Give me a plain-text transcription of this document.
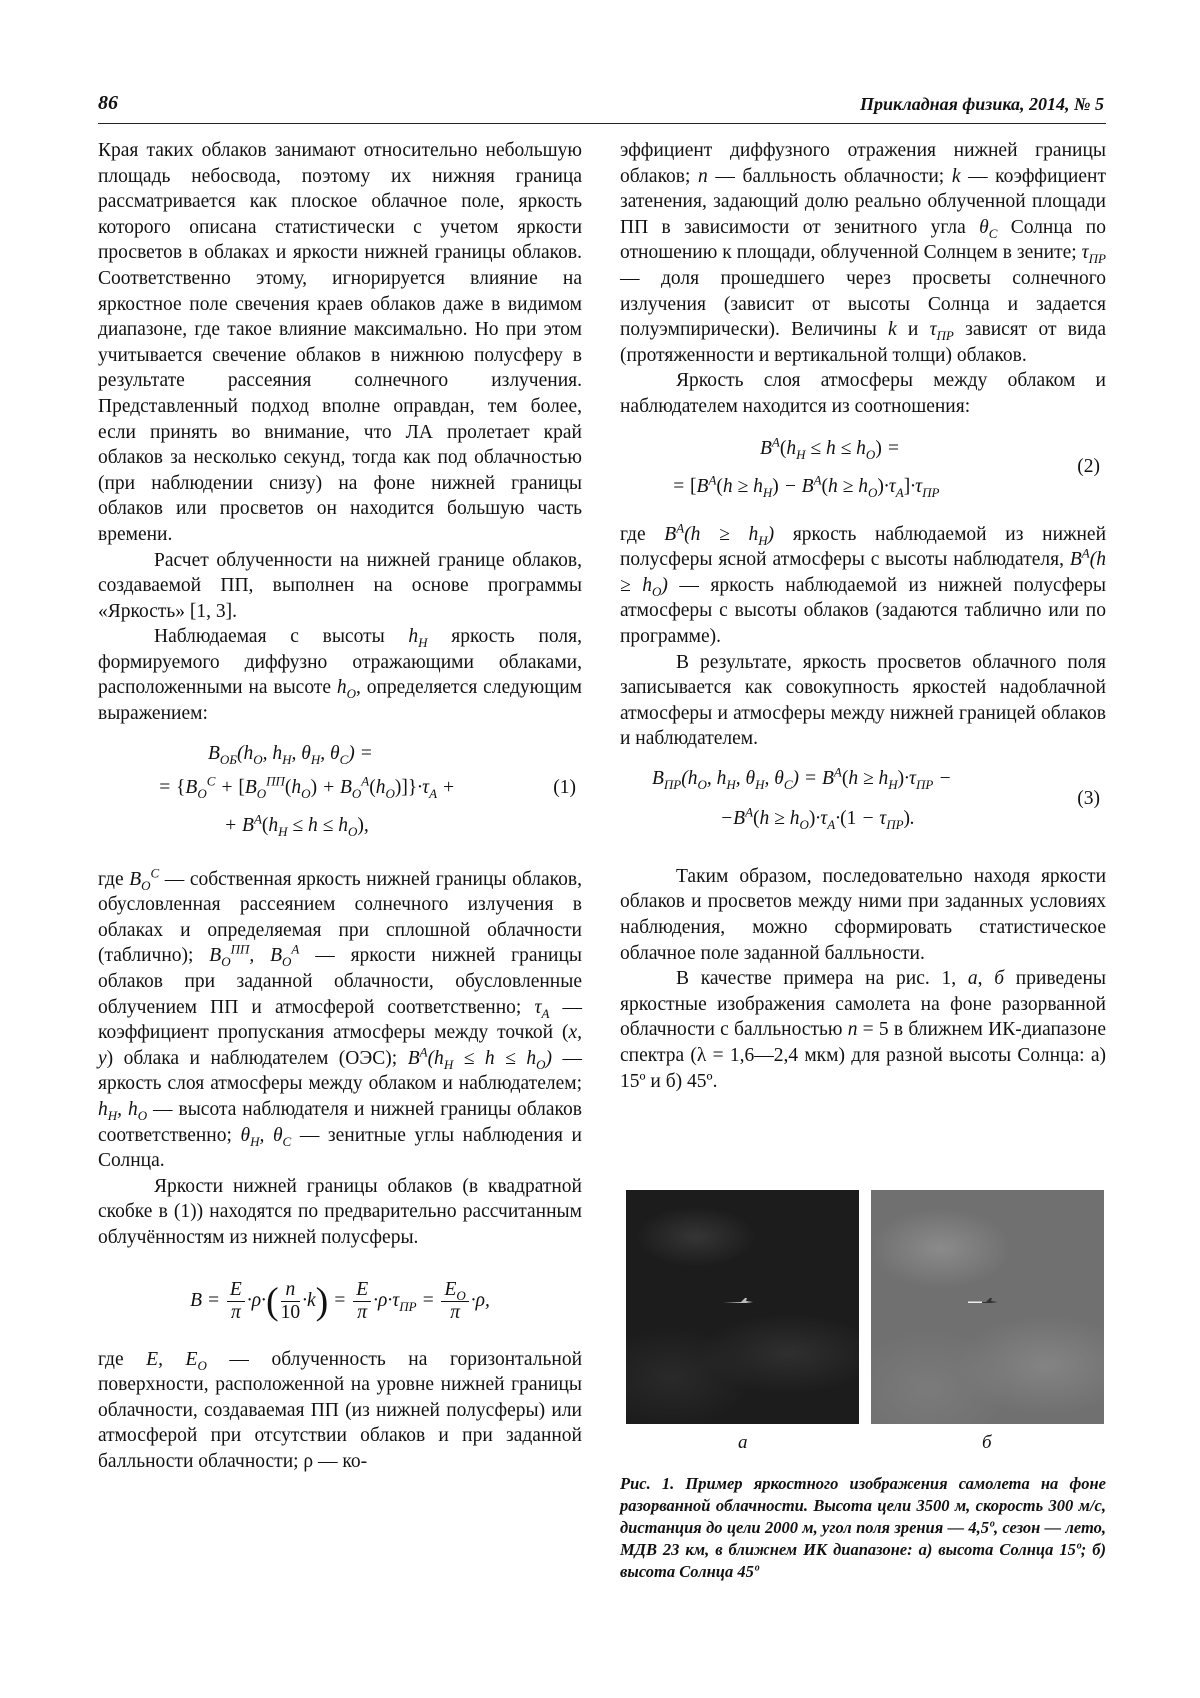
86	Прикладная физика, 2014, № 5

Края таких облаков занимают относительно небольшую площадь небосвода, поэтому их нижняя граница рассматривается как плоское облачное поле, яркость которого описана статистически с учетом яркости просветов в облаках и яркости нижней границы облаков. Соответственно этому, игнорируется влияние на яркостное поле свечения краев облаков даже в видимом диапазоне, где такое влияние максимально. Но при этом учитывается свечение облаков в нижнюю полусферу в результате рассеяния солнечного излучения. Представленный подход вполне оправдан, тем более, если принять во внимание, что ЛА пролетает край облаков за несколько секунд, тогда как под облачностью (при наблюдении снизу) на фоне нижней границы облаков или просветов он находится большую часть времени.

Расчет облученности на нижней границе облаков, создаваемой ПП, выполнен на основе программы «Яркость» [1, 3].

Наблюдаемая с высоты $h_H$ яркость поля, формируемого диффузно отражающими облаками, расположенными на высоте $h_O$, определяется следующим выражением:

$B_{ОБ}(h_O$, $h_H$, $\theta_H$, $\theta_C$) =
= $\{B_O^C + [B_O^{ПП}(h_O) + B_O^A(h_O)]\}\cdot\tau_A$ +
+ $B^A(h_H \le h \le h_O)$,
(1)

где $B_O^C$ — собственная яркость нижней границы облаков, обусловленная рассеянием солнечного излучения в облаках и определяемая при сплошной облачности (таблично); $B_O^{ПП}$, $B_O^A$ — яркости нижней границы облаков при заданной облачности, обусловленные облучением ПП и атмосферой соответственно; $\tau_A$ — коэффициент пропускания атмосферы между точкой (x, y) облака и наблюдателем (ОЭС); $B^A(h_H \le h \le h_O)$ — яркость слоя атмосферы между облаком и наблюдателем; $h_H$, $h_O$ — высота наблюдателя и нижней границы облаков соответственно; $\theta_H$, $\theta_C$ — зенитные углы наблюдения и Солнца.

Яркости нижней границы облаков (в квадратной скобке в (1)) находятся по предварительно рассчитанным облучённостям из нижней полусферы.

$B = \frac{E}{\pi} \cdot\rho\cdot( \frac{n}{10} \cdot k) = \frac{E}{\pi} \cdot\rho\cdot\tau_{ПР} = \frac{E_O}{\pi} \cdot\rho$,

где E, $E_O$ — облученность на горизонтальной поверхности, расположенной на уровне нижней границы облачности, создаваемая ПП (из нижней полусферы) или атмосферой при отсутствии облаков и при заданной балльности облачности; ρ — ко-

эффициент диффузного отражения нижней границы облаков; n — балльность облачности; k — коэффициент затенения, задающий долю реально облученной площади ПП в зависимости от зенитного угла $\theta_C$ Солнца по отношению к площади, облученной Солнцем в зените; $\tau_{ПР}$ — доля прошедшего через просветы солнечного излучения (зависит от высоты Солнца и задается полуэмпирически). Величины k и $\tau_{ПР}$ зависят от вида (протяженности и вертикальной толщи) облаков.

Яркость слоя атмосферы между облаком и наблюдателем находится из соотношения:

$B^A(h_H \le h \le h_O)$ =
= $[B^A(h \ge h_H) - B^A(h \ge h_O)\cdot\tau_A]\cdot\tau_{ПР}$
(2)

где $B^A(h \ge h_H)$ яркость наблюдаемой из нижней полусферы ясной атмосферы с высоты наблюдателя, $B^A(h \ge h_O)$ — яркость наблюдаемой из нижней полусферы атмосферы с высоты облаков (задаются таблично или по программе).

В результате, яркость просветов облачного поля записывается как совокупность яркостей надоблачной атмосферы и атмосферы между нижней границей облаков и наблюдателем.

$B_{ПР}(h_O$, $h_H$, $\theta_H$, $\theta_C) = B^A(h \ge h_H)\cdot\tau_{ПР}$ −
$-B^A(h \ge h_O)\cdot\tau_A\cdot(1 - \tau_{ПР})$.
(3)

Таким образом, последовательно находя яркости облаков и просветов между ними при заданных условиях наблюдения, можно сформировать статистическое облачное поле заданной балльности.

В качестве примера на рис. 1, а, б приведены яркостные изображения самолета на фоне разорванной облачности с балльностью n = 5 в ближнем ИК-диапазоне спектра (λ = 1,6—2,4 мкм) для разной высоты Солнца: а) 15º и б) 45º.

а	б
Рис. 1. Пример яркостного изображения самолета на фоне разорванной облачности. Высота цели 3500 м, скорость 300 м/с, дистанция до цели 2000 м, угол поля зрения — 4,5º, сезон — лето, МДВ 23 км, в ближнем ИК диапазоне: а) высота Солнца 15º; б) высота Солнца 45º
